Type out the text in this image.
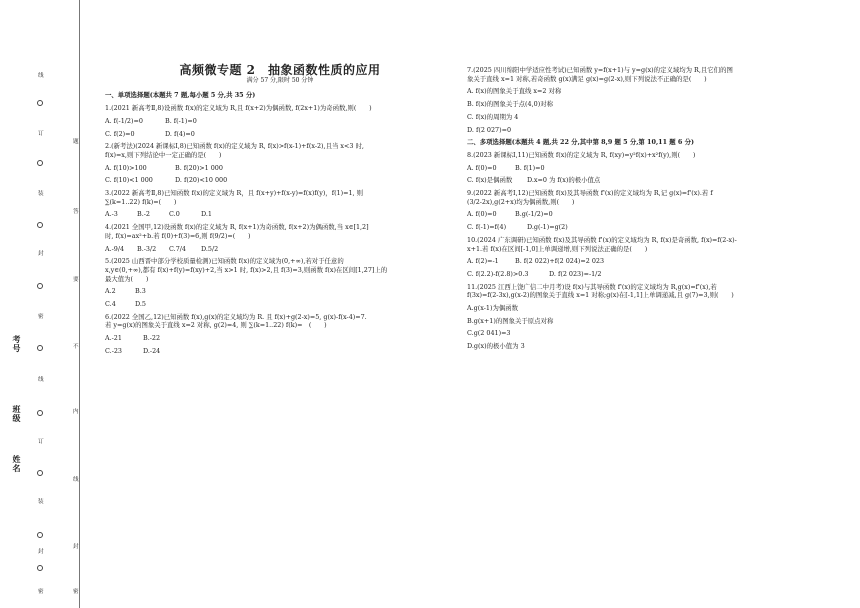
姓名
班级
考号
线
订
装
封
密
线
订
装
封
密
题
答
要
不
内
线
封
密
高频微专题 2　抽象函数性质的应用
满分 57 分,限时 50 分钟
一、单项选择题(本题共 7 题,每小题 5 分,共 35 分)
1.(2021 新高考Ⅱ,8)设函数 f(x)的定义域为 R,且 f(x+2)为偶函数, f(2x+1)为奇函数,则(　　)
A. f(-1/2)=0	B. f(-1)=0
C. f(2)=0	D. f(4)=0
2.(新考法)(2024 新课标Ⅰ,8)已知函数 f(x)的定义域为 R, f(x)>f(x-1)+f(x-2),且当 x<3 时,
f(x)=x,则下列结论中一定正确的是(　　)
A. f(10)>100	B. f(20)>1 000
C. f(10)<1 000	D. f(20)<10 000
3.(2022 新高考Ⅱ,8)已知函数 f(x)的定义域为 R，且 f(x+y)+f(x-y)=f(x)f(y)，f(1)=1, 则
∑(k=1..22) f(k)=(　　)
A.-3	B.-2	C.0	D.1
4.(2021 全国甲,12)设函数 f(x)的定义域为 R, f(x+1)为奇函数, f(x+2)为偶函数,当 x∈[1,2]
时, f(x)=ax²+b.若 f(0)+f(3)=6,则 f(9/2)=(　　)
A.-9/4	B.-3/2	C.7/4	D.5/2
5.(2025 山西晋中部分学校质量检测)已知函数 f(x)的定义域为(0,+∞),若对于任意的
x,y∈(0,+∞),都有 f(x)+f(y)=f(xy)+2,当 x>1 时, f(x)>2,且 f(3)=3,则函数 f(x)在区间[1,27]上的
最大值为(　　)
A.2	B.3
C.4	D.5
6.(2022 全国乙,12)已知函数 f(x),g(x)的定义域均为 R. 且 f(x)+g(2-x)=5, g(x)-f(x-4)=7.
若 y=g(x)的图象关于直线 x=2 对称, g(2)=4, 则 ∑(k=1..22) f(k)=　(　　)
A.-21	B.-22
C.-23	D.-24
7.(2025 四川绵阳中学适应性考试)已知函数 y=f(x+1)与 y=g(x)的定义域均为 R,且它们的图
象关于直线 x=1 对称,若奇函数 g(x)满足 g(x)=g(2-x),则下列说法不正确的是(　　)
A. f(x)的图象关于直线 x=2 对称
B. f(x)的图象关于点(4,0)对称
C. f(x)的周期为 4
D. f(2 027)=0
二、多项选择题(本题共 4 题,共 22 分,其中第 8,9 题 5 分,第 10,11 题 6 分)
8.(2023 新课标Ⅰ,11)已知函数 f(x)的定义域为 R, f(xy)=y²f(x)+x²f(y),则(　　)
A. f(0)=0	B. f(1)=0
C. f(x)是偶函数	D.x=0 为 f(x)的极小值点
9.(2022 新高考Ⅰ,12)已知函数 f(x)及其导函数 f'(x)的定义域均为 R,记 g(x)=f'(x).若 f
(3/2-2x),g(2+x)均为偶函数,则(　　)
A. f(0)=0	B.g(-1/2)=0
C. f(-1)=f(4)	D.g(-1)=g(2)
10.(2024 广东调研)已知函数 f(x)及其导函数 f'(x)的定义域均为 R, f(x)是奇函数, f(x)=f(2-x)-
x+1.若 f(x)在区间[-1,0]上单调递增,则下列说法正确的是(　　)
A. f(2)=-1	B. f(2 022)+f(2 024)=2 023
C. f(2.2)-f(2.8)>0.3	D. f(2 023)=-1/2
11.(2025 江西上饶广信二中月考)设 f(x)与其导函数 f'(x)的定义域均为 R,g(x)=f'(x),若
f(3x)=f(2-3x),g(x-2)的图象关于直线 x=1 对称;g(x)在[-1,1]上单调递减,且 g(7)=3,则(　　)
A.g(x-1)为偶函数
B.g(x+1)的图象关于原点对称
C.g(2 041)=3
D.g(x)的极小值为 3
